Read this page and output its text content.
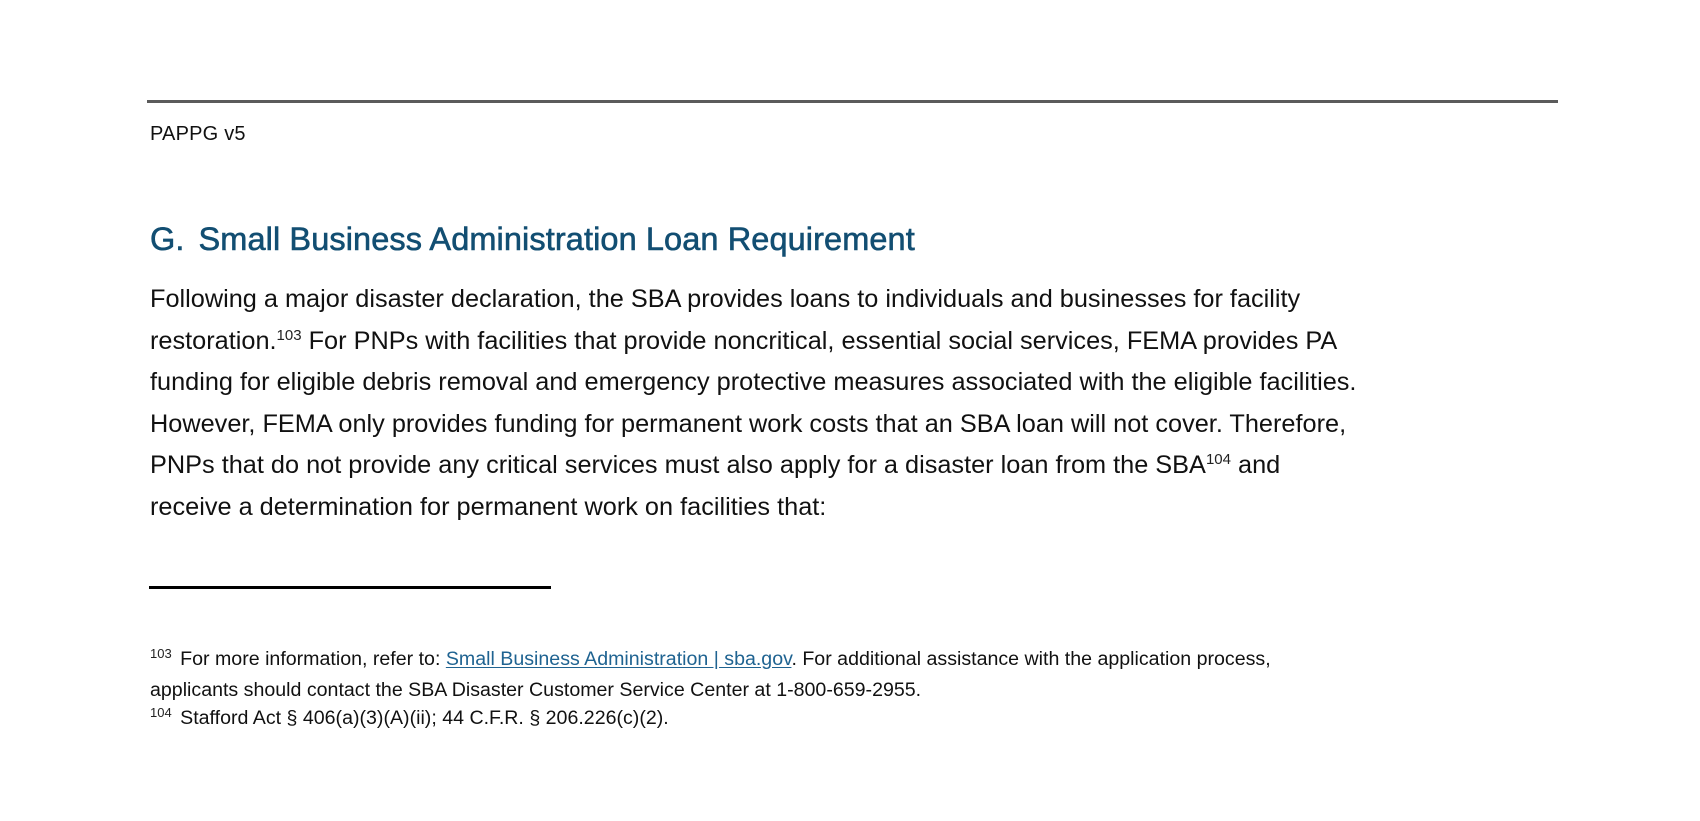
PAPPG v5
G. Small Business Administration Loan Requirement

Following a major disaster declaration, the SBA provides loans to individuals and businesses for facility
restoration.$^{103}$ For PNPs with facilities that provide noncritical, essential social services, FEMA provides PA
funding for eligible debris removal and emergency protective measures associated with the eligible facilities.
However, FEMA only provides funding for permanent work costs that an SBA loan will not cover. Therefore,
PNPs that do not provide any critical services must also apply for a disaster loan from the SBA$^{104}$ and
receive a determination for permanent work on facilities that:

$^{103}$ For more information, refer to: Small Business Administration | sba.gov. For additional assistance with the application process,

applicants should contact the SBA Disaster Customer Service Center at 1-800-659-2955.

$^{104}$ Stafford Act § 406(a)(3)(A)(ii); 44 C.F.R. § 206.226(c)(2).
